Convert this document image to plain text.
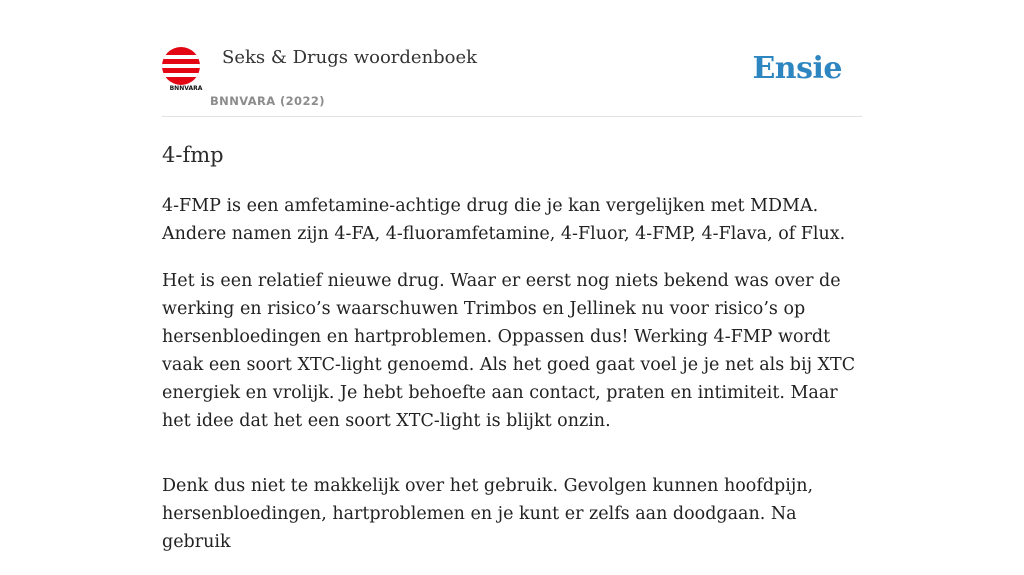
BNNVARA
Seks & Drugs woordenboek
BNNVARA (2022)
Ensie
4-fmp

4-FMP is een amfetamine-achtige drug die je kan vergelijken met MDMA. Andere namen zijn 4-FA, 4-fluoramfetamine, 4-Fluor, 4-FMP, 4-Flava, of Flux.

Het is een relatief nieuwe drug. Waar er eerst nog niets bekend was over de werking en risico’s waarschuwen Trimbos en Jellinek nu voor risico’s op hersenbloedingen en hartproblemen. Oppassen dus! Werking 4-FMP wordt vaak een soort XTC-light genoemd. Als het goed gaat voel je je net als bij XTC energiek en vrolijk. Je hebt behoefte aan contact, praten en intimiteit. Maar het idee dat het een soort XTC-light is blijkt onzin.

Denk dus niet te makkelijk over het gebruik. Gevolgen kunnen hoofdpijn, hersenbloedingen, hartproblemen en je kunt er zelfs aan doodgaan. Na gebruik
